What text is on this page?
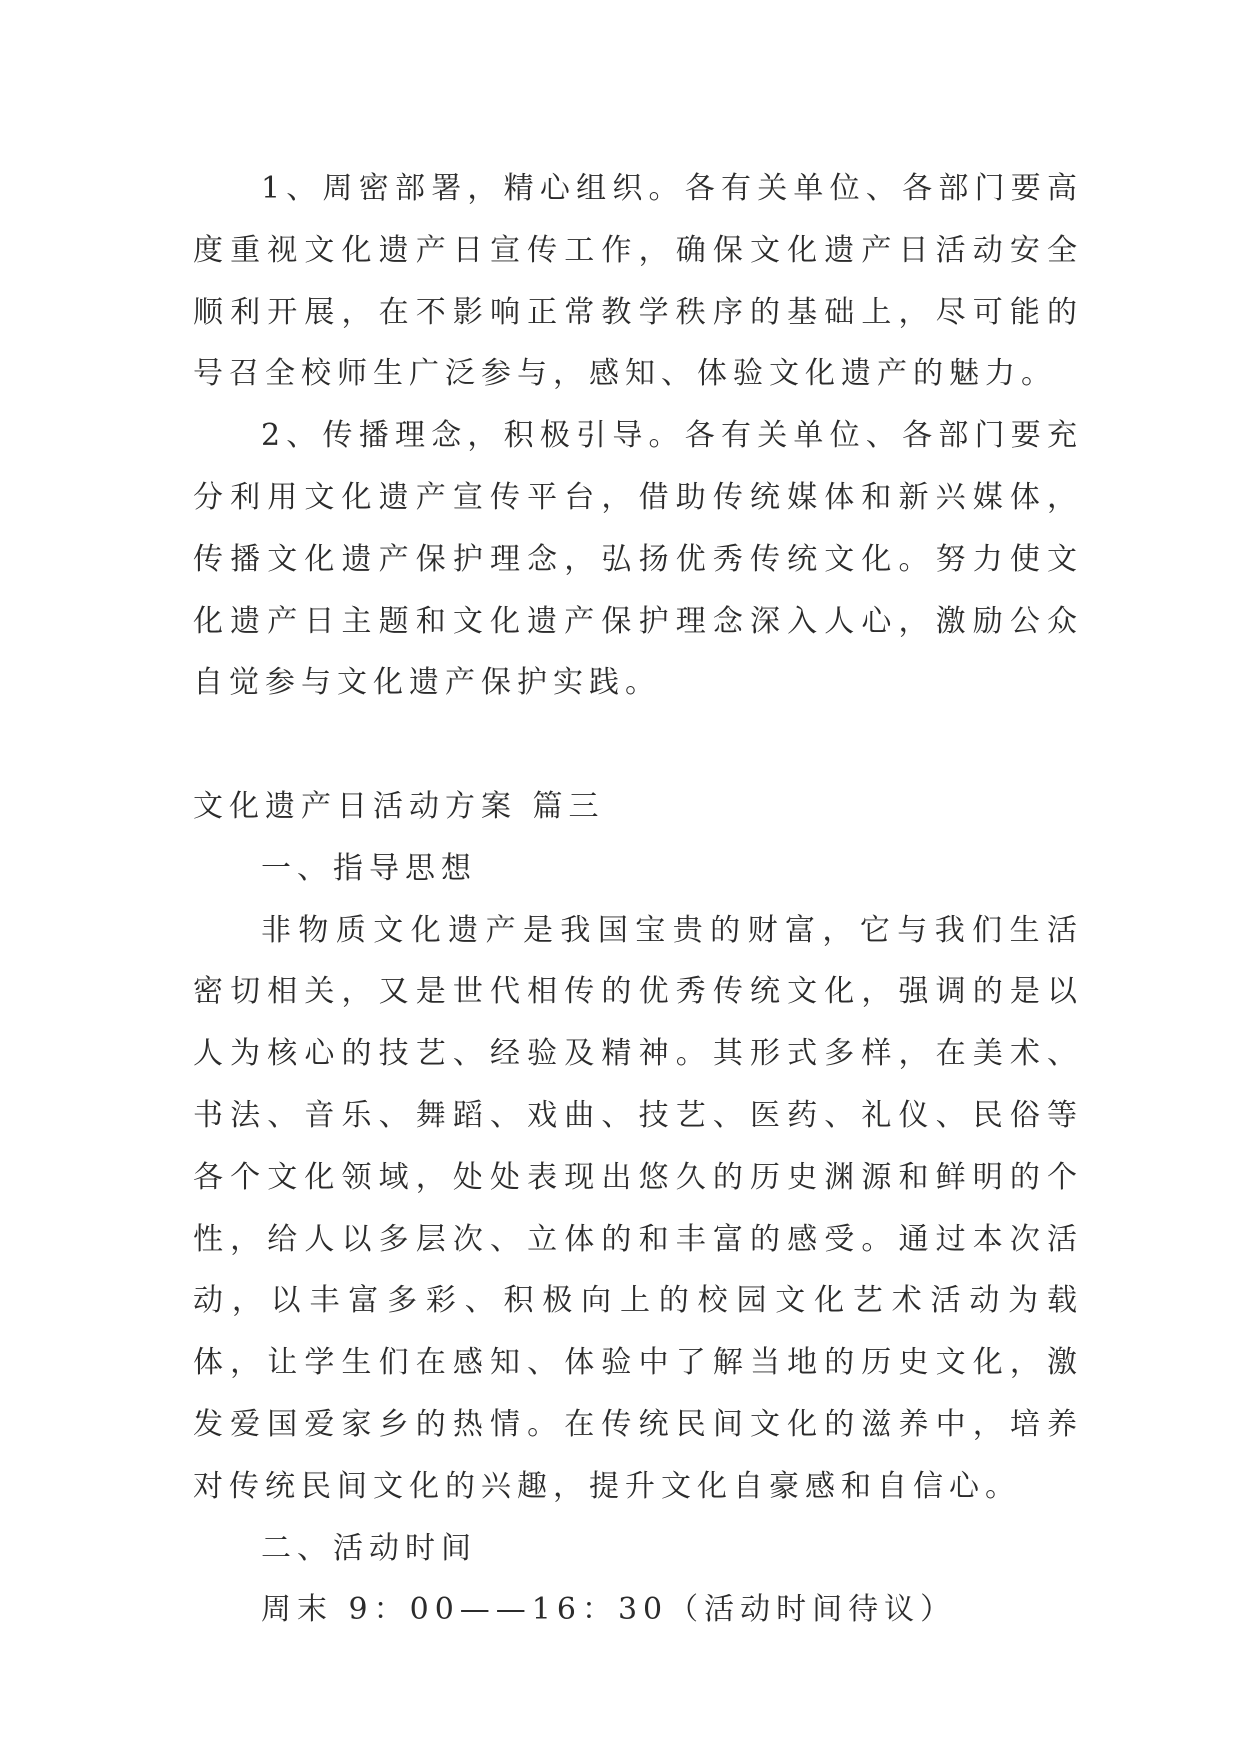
1、周密部署，精心组织。各有关单位、各部门要高度重视文化遗产日宣传工作，确保文化遗产日活动安全顺利开展，在不影响正常教学秩序的基础上，尽可能的号召全校师生广泛参与，感知、体验文化遗产的魅力。

2、传播理念，积极引导。各有关单位、各部门要充分利用文化遗产宣传平台，借助传统媒体和新兴媒体，传播文化遗产保护理念，弘扬优秀传统文化。努力使文化遗产日主题和文化遗产保护理念深入人心，激励公众自觉参与文化遗产保护实践。

文化遗产日活动方案 篇三

一、指导思想

非物质文化遗产是我国宝贵的财富，它与我们生活密切相关，又是世代相传的优秀传统文化，强调的是以人为核心的技艺、经验及精神。其形式多样，在美术、书法、音乐、舞蹈、戏曲、技艺、医药、礼仪、民俗等各个文化领域，处处表现出悠久的历史渊源和鲜明的个性，给人以多层次、立体的和丰富的感受。通过本次活动，以丰富多彩、积极向上的校园文化艺术活动为载体，让学生们在感知、体验中了解当地的历史文化，激发爱国爱家乡的热情。在传统民间文化的滋养中，培养对传统民间文化的兴趣，提升文化自豪感和自信心。

二、活动时间

周末 9：00——16：30（活动时间待议）
